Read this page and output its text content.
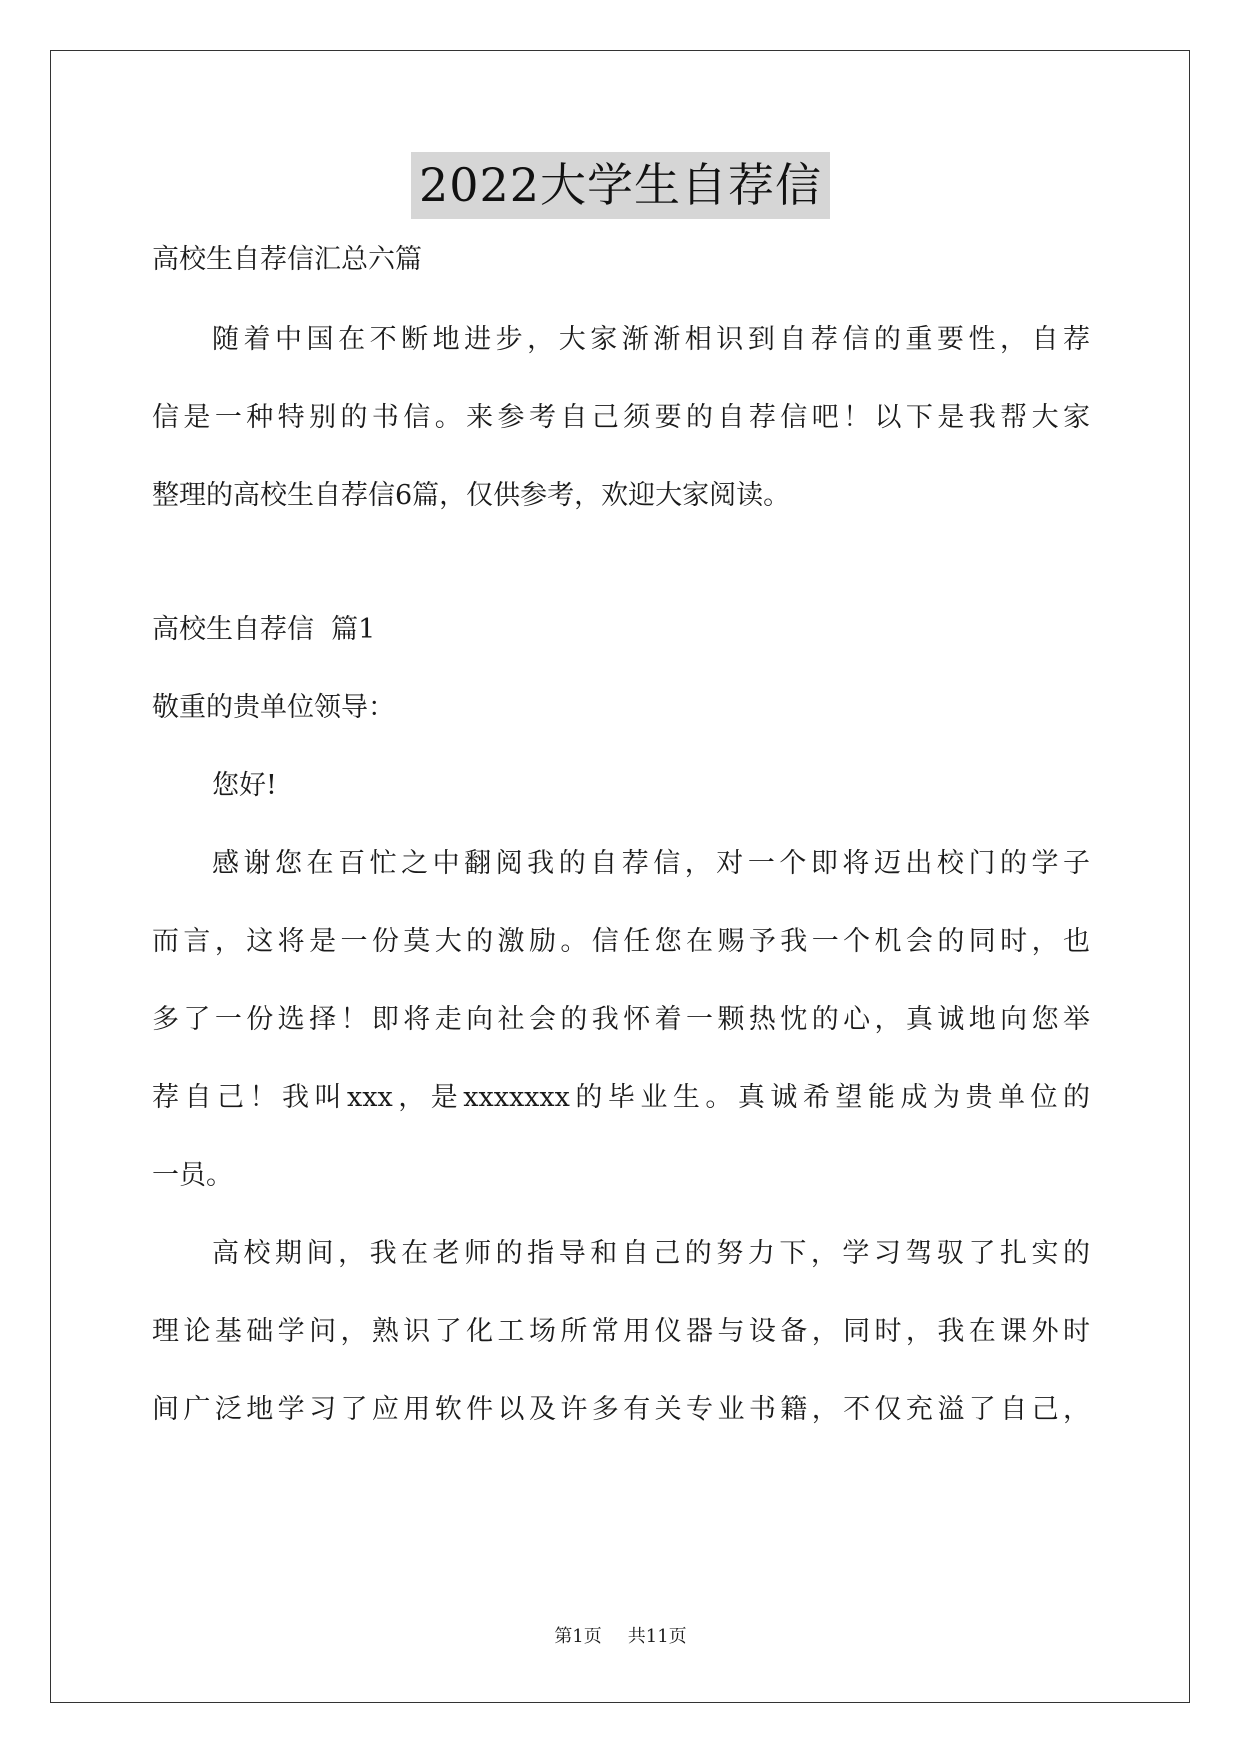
2022大学生自荐信
高校生自荐信汇总六篇
随着中国在不断地进步，大家渐渐相识到自荐信的重要性，自荐
信是一种特别的书信。来参考自己须要的自荐信吧！以下是我帮大家
整理的高校生自荐信6篇，仅供参考，欢迎大家阅读。
高校生自荐信  篇1
敬重的贵单位领导：
您好!
感谢您在百忙之中翻阅我的自荐信，对一个即将迈出校门的学子
而言，这将是一份莫大的激励。信任您在赐予我一个机会的同时，也
多了一份选择！即将走向社会的我怀着一颗热忱的心，真诚地向您举
荐自己！我叫xxx，是xxxxxxx的毕业生。真诚希望能成为贵单位的
一员。
高校期间，我在老师的指导和自己的努力下，学习驾驭了扎实的
理论基础学问，熟识了化工场所常用仪器与设备，同时，我在课外时
间广泛地学习了应用软件以及许多有关专业书籍，不仅充溢了自己，
第1页 共11页
